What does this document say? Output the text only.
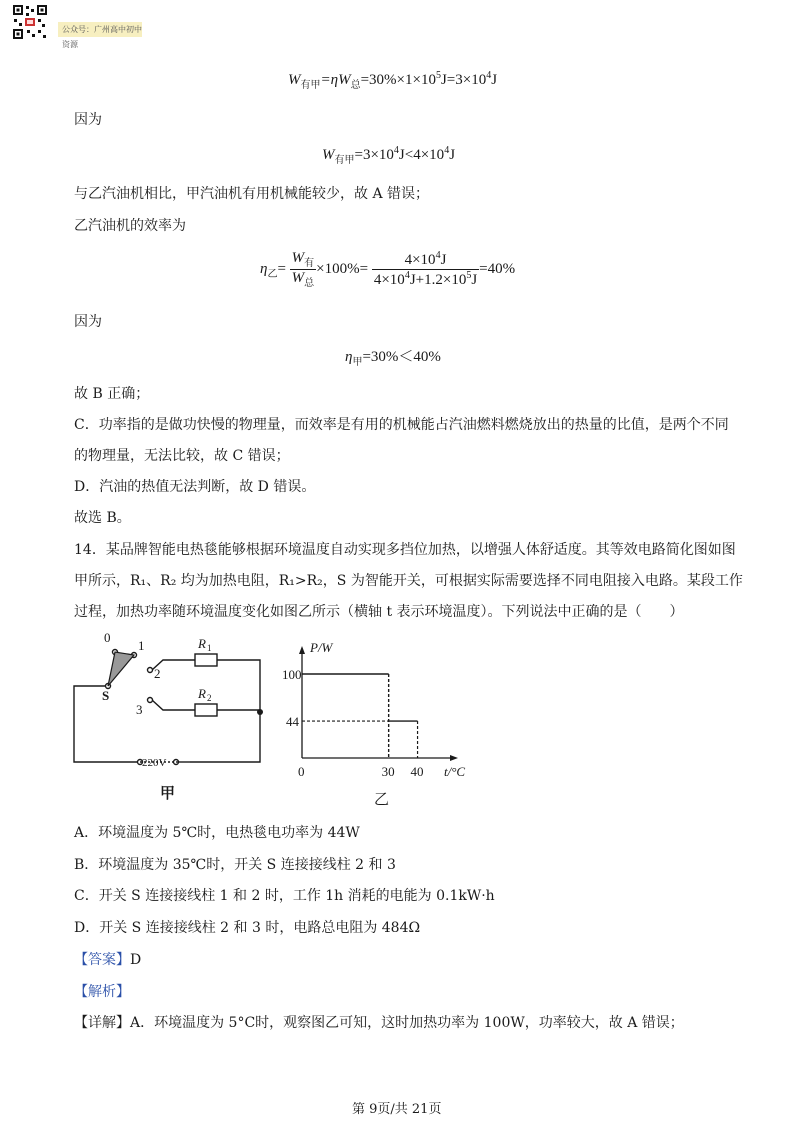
公众号：广州高中初中资源
$W_{有甲}=\eta W_总=30\%\times 1\times 10^5J=3\times 10^4J$
因为
$W_{有甲}=3\times 10^4J<4\times 10^4J$
与乙汽油机相比，甲汽油机有用机械能较少，故 A 错误；
乙汽油机的效率为
$\eta_乙= \frac{W_有}{W_总} \times 100\%= \frac{4\times 10^4J}{4\times 10^4J+1.2\times 10^5J} =40\%$
因为
$\eta_甲=30\%<40\%$
故 B 正确；
C．功率指的是做功快慢的物理量，而效率是有用的机械能占汽油燃料燃烧放出的热量的比值，是两个不同
的物理量，无法比较，故 C 错误；
D．汽油的热值无法判断，故 D 错误。
故选 B。
14．某品牌智能电热毯能够根据环境温度自动实现多挡位加热，以增强人体舒适度。其等效电路简化图如图
甲所示，R₁、R₂ 均为加热电阻，R₁>R₂，S 为智能开关，可根据实际需要选择不同电阻接入电路。某段工作
过程，加热功率随环境温度变化如图乙所示（横轴 t 表示环境温度）。下列说法中正确的是（　　）
0
1
2
3
S
R 1
R 2
220V
甲
100
44
0	30 40
P/W
t/°C
乙
A．环境温度为 5℃时，电热毯电功率为 44W
B．环境温度为 35℃时，开关 S 连接接线柱 2 和 3
C．开关 S 连接接线柱 1 和 2 时，工作 1h 消耗的电能为 0.1kW·h
D．开关 S 连接接线柱 2 和 3 时，电路总电阻为 484Ω
【答案】D
【解析】
【详解】A．环境温度为 5°C时，观察图乙可知，这时加热功率为 100W，功率较大，故 A 错误；
第 9页/共 21页
